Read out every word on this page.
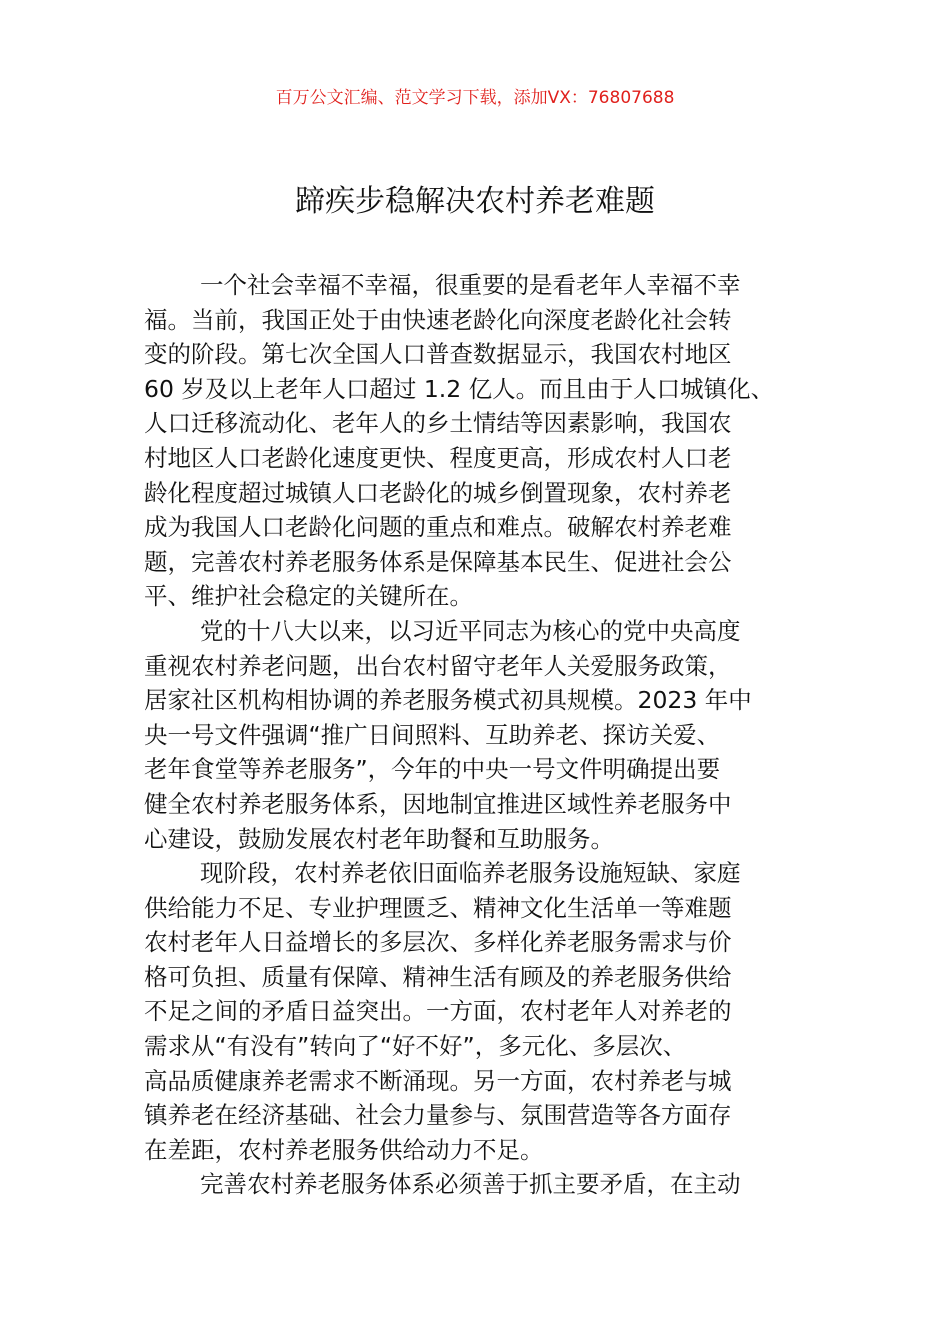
百万公文汇编、范文学习下载，添加VX：76807688
蹄疾步稳解决农村养老难题

一个社会幸福不幸福，很重要的是看老年人幸福不幸
福。当前，我国正处于由快速老龄化向深度老龄化社会转
变的阶段。第七次全国人口普查数据显示，我国农村地区
60 岁及以上老年人口超过 1.2 亿人。而且由于人口城镇化、
人口迁移流动化、老年人的乡土情结等因素影响，我国农
村地区人口老龄化速度更快、程度更高，形成农村人口老
龄化程度超过城镇人口老龄化的城乡倒置现象，农村养老
成为我国人口老龄化问题的重点和难点。破解农村养老难
题，完善农村养老服务体系是保障基本民生、促进社会公
平、维护社会稳定的关键所在。

党的十八大以来，以习近平同志为核心的党中央高度
重视农村养老问题，出台农村留守老年人关爱服务政策，
居家社区机构相协调的养老服务模式初具规模。2023 年中
央一号文件强调“推广日间照料、互助养老、探访关爱、
老年食堂等养老服务”，今年的中央一号文件明确提出要
健全农村养老服务体系，因地制宜推进区域性养老服务中
心建设，鼓励发展农村老年助餐和互助服务。

现阶段，农村养老依旧面临养老服务设施短缺、家庭
供给能力不足、专业护理匮乏、精神文化生活单一等难题
农村老年人日益增长的多层次、多样化养老服务需求与价
格可负担、质量有保障、精神生活有顾及的养老服务供给
不足之间的矛盾日益突出。一方面，农村老年人对养老的
需求从“有没有”转向了“好不好”，多元化、多层次、
高品质健康养老需求不断涌现。另一方面，农村养老与城
镇养老在经济基础、社会力量参与、氛围营造等各方面存
在差距，农村养老服务供给动力不足。

完善农村养老服务体系必须善于抓主要矛盾，在主动
